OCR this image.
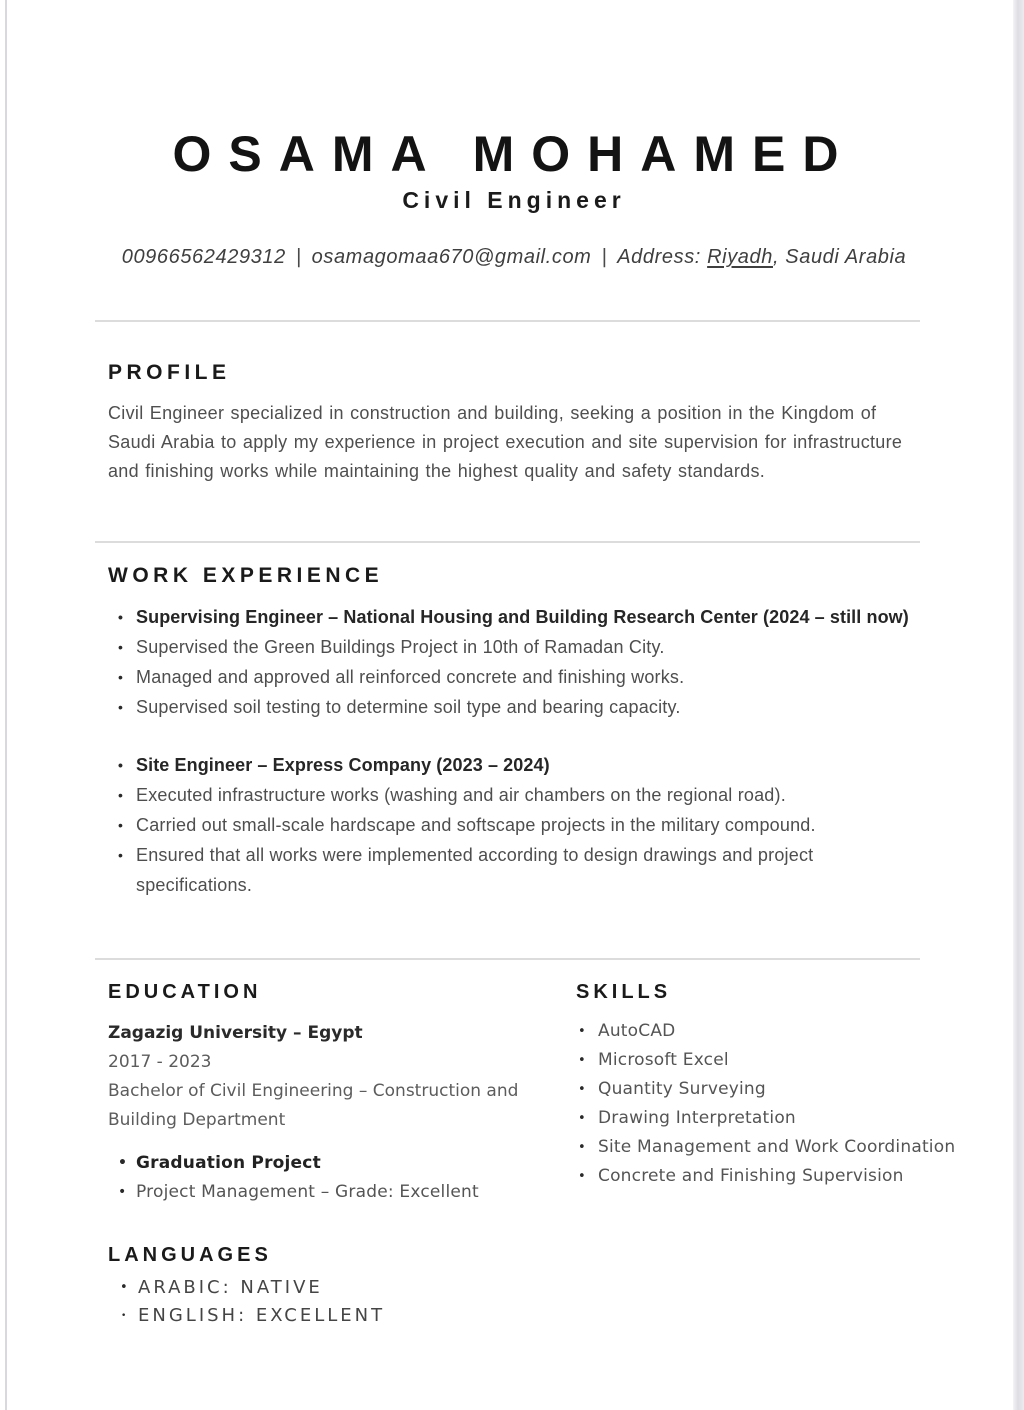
OSAMA MOHAMED
Civil Engineer
00966562429312 | osamagomaa670@gmail.com | Address: Riyadh, Saudi Arabia
PROFILE
Civil Engineer specialized in construction and building, seeking a position in the Kingdom of Saudi Arabia to apply my experience in project execution and site supervision for infrastructure and finishing works while maintaining the highest quality and safety standards.
WORK EXPERIENCE
• Supervising Engineer – National Housing and Building Research Center (2024 – still now)
• Supervised the Green Buildings Project in 10th of Ramadan City.
• Managed and approved all reinforced concrete and finishing works.
• Supervised soil testing to determine soil type and bearing capacity.
• Site Engineer – Express Company (2023 – 2024)
• Executed infrastructure works (washing and air chambers on the regional road).
• Carried out small-scale hardscape and softscape projects in the military compound.
• Ensured that all works were implemented according to design drawings and project specifications.
EDUCATION
Zagazig University – Egypt
2017 - 2023
Bachelor of Civil Engineering – Construction and Building Department
• Graduation Project
• Project Management – Grade: Excellent
SKILLS
• AutoCAD
• Microsoft Excel
• Quantity Surveying
• Drawing Interpretation
• Site Management and Work Coordination
• Concrete and Finishing Supervision
LANGUAGES
• ARABIC: NATIVE
• ENGLISH: EXCELLENT
